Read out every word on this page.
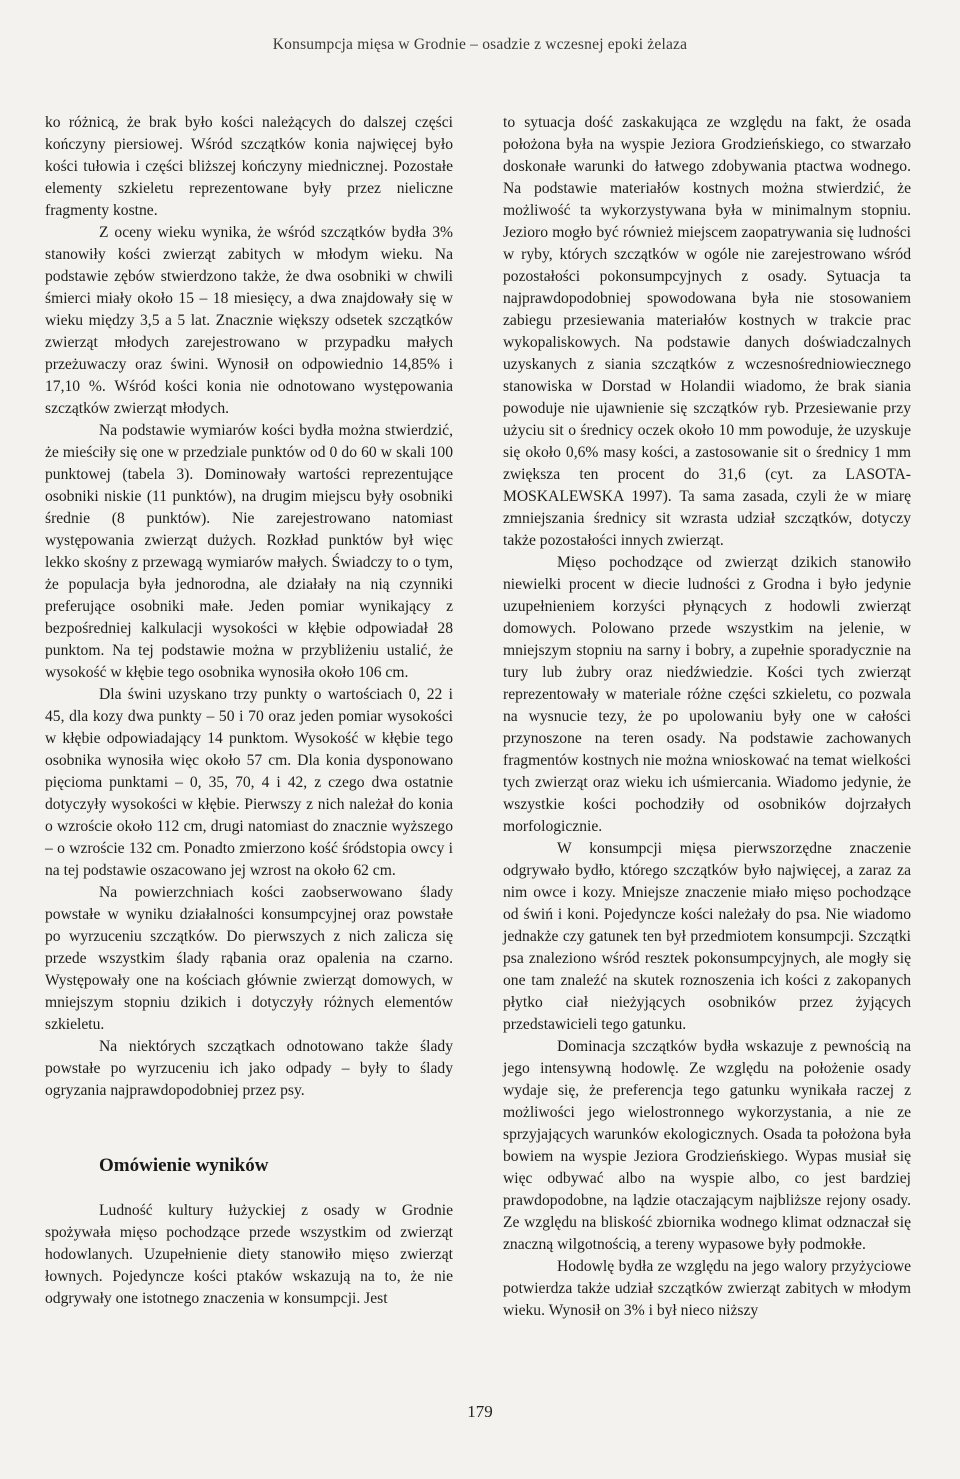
Konsumpcja mięsa w Grodnie – osadzie z wczesnej epoki żelaza

ko różnicą, że brak było kości należących do dalszej części kończyny piersiowej. Wśród szczątków konia najwięcej było kości tułowia i części bliższej kończyny miednicznej. Pozostałe elementy szkieletu reprezentowane były przez nieliczne fragmenty kostne.

Z oceny wieku wynika, że wśród szczątków bydła 3% stanowiły kości zwierząt zabitych w młodym wieku. Na podstawie zębów stwierdzono także, że dwa osobniki w chwili śmierci miały około 15 – 18 miesięcy, a dwa znajdowały się w wieku między 3,5 a 5 lat. Znacznie większy odsetek szczątków zwierząt młodych zarejestrowano w przypadku małych przeżuwaczy oraz świni. Wynosił on odpowiednio 14,85% i 17,10 %. Wśród kości konia nie odnotowano występowania szczątków zwierząt młodych.

Na podstawie wymiarów kości bydła można stwierdzić, że mieściły się one w przedziale punktów od 0 do 60 w skali 100 punktowej (tabela 3). Dominowały wartości reprezentujące osobniki niskie (11 punktów), na drugim miejscu były osobniki średnie (8 punktów). Nie zarejestrowano natomiast występowania zwierząt dużych. Rozkład punktów był więc lekko skośny z przewagą wymiarów małych. Świadczy to o tym, że populacja była jednorodna, ale działały na nią czynniki preferujące osobniki małe. Jeden pomiar wynikający z bezpośredniej kalkulacji wysokości w kłębie odpowiadał 28 punktom. Na tej podstawie można w przybliżeniu ustalić, że wysokość w kłębie tego osobnika wynosiła około 106 cm.

Dla świni uzyskano trzy punkty o wartościach 0, 22 i 45, dla kozy dwa punkty – 50 i 70 oraz jeden pomiar wysokości w kłębie odpowiadający 14 punktom. Wysokość w kłębie tego osobnika wynosiła więc około 57 cm. Dla konia dysponowano pięcioma punktami – 0, 35, 70, 4 i 42, z czego dwa ostatnie dotyczyły wysokości w kłębie. Pierwszy z nich należał do konia o wzroście około 112 cm, drugi natomiast do znacznie wyższego – o wzroście 132 cm. Ponadto zmierzono kość śródstopia owcy i na tej podstawie oszacowano jej wzrost na około 62 cm.

Na powierzchniach kości zaobserwowano ślady powstałe w wyniku działalności konsumpcyjnej oraz powstałe po wyrzuceniu szczątków. Do pierwszych z nich zalicza się przede wszystkim ślady rąbania oraz opalenia na czarno. Występowały one na kościach głównie zwierząt domowych, w mniejszym stopniu dzikich i dotyczyły różnych elementów szkieletu.

Na niektórych szczątkach odnotowano także ślady powstałe po wyrzuceniu ich jako odpady – były to ślady ogryzania najprawdopodobniej przez psy.

Omówienie wyników

Ludność kultury łużyckiej z osady w Grodnie spożywała mięso pochodzące przede wszystkim od zwierząt hodowlanych. Uzupełnienie diety stanowiło mięso zwierząt łownych. Pojedyncze kości ptaków wskazują na to, że nie odgrywały one istotnego znaczenia w konsumpcji. Jest

to sytuacja dość zaskakująca ze względu na fakt, że osada położona była na wyspie Jeziora Grodzieńskiego, co stwarzało doskonałe warunki do łatwego zdobywania ptactwa wodnego. Na podstawie materiałów kostnych można stwierdzić, że możliwość ta wykorzystywana była w minimalnym stopniu. Jezioro mogło być również miejscem zaopatrywania się ludności w ryby, których szczątków w ogóle nie zarejestrowano wśród pozostałości pokonsumpcyjnych z osady. Sytuacja ta najprawdopodobniej spowodowana była nie stosowaniem zabiegu przesiewania materiałów kostnych w trakcie prac wykopaliskowych. Na podstawie danych doświadczalnych uzyskanych z siania szczątków z wczesnośredniowiecznego stanowiska w Dorstad w Holandii wiadomo, że brak siania powoduje nie ujawnienie się szczątków ryb. Przesiewanie przy użyciu sit o średnicy oczek około 10 mm powoduje, że uzyskuje się około 0,6% masy kości, a zastosowanie sit o średnicy 1 mm zwiększa ten procent do 31,6 (cyt. za LASOTA-MOSKALEWSKA 1997). Ta sama zasada, czyli że w miarę zmniejszania średnicy sit wzrasta udział szczątków, dotyczy także pozostałości innych zwierząt.

Mięso pochodzące od zwierząt dzikich stanowiło niewielki procent w diecie ludności z Grodna i było jedynie uzupełnieniem korzyści płynących z hodowli zwierząt domowych. Polowano przede wszystkim na jelenie, w mniejszym stopniu na sarny i bobry, a zupełnie sporadycznie na tury lub żubry oraz niedźwiedzie. Kości tych zwierząt reprezentowały w materiale różne części szkieletu, co pozwala na wysnucie tezy, że po upolowaniu były one w całości przynoszone na teren osady. Na podstawie zachowanych fragmentów kostnych nie można wnioskować na temat wielkości tych zwierząt oraz wieku ich uśmiercania. Wiadomo jedynie, że wszystkie kości pochodziły od osobników dojrzałych morfologicznie.

W konsumpcji mięsa pierwszorzędne znaczenie odgrywało bydło, którego szczątków było najwięcej, a zaraz za nim owce i kozy. Mniejsze znaczenie miało mięso pochodzące od świń i koni. Pojedyncze kości należały do psa. Nie wiadomo jednakże czy gatunek ten był przedmiotem konsumpcji. Szczątki psa znaleziono wśród resztek pokonsumpcyjnych, ale mogły się one tam znaleźć na skutek roznoszenia ich kości z zakopanych płytko ciał nieżyjących osobników przez żyjących przedstawicieli tego gatunku.

Dominacja szczątków bydła wskazuje z pewnością na jego intensywną hodowlę. Ze względu na położenie osady wydaje się, że preferencja tego gatunku wynikała raczej z możliwości jego wielostronnego wykorzystania, a nie ze sprzyjających warunków ekologicznych. Osada ta położona była bowiem na wyspie Jeziora Grodzieńskiego. Wypas musiał się więc odbywać albo na wyspie albo, co jest bardziej prawdopodobne, na lądzie otaczającym najbliższe rejony osady. Ze względu na bliskość zbiornika wodnego klimat odznaczał się znaczną wilgotnością, a tereny wypasowe były podmokłe.

Hodowlę bydła ze względu na jego walory przyżyciowe potwierdza także udział szczątków zwierząt zabitych w młodym wieku. Wynosił on 3% i był nieco niższy

179
